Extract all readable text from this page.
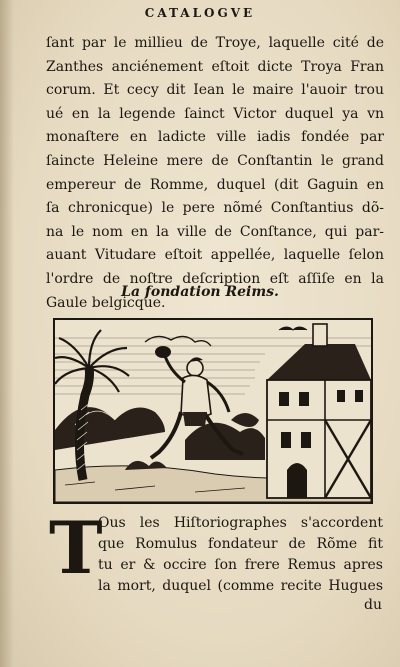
CATALOGVE
ſant par le millieu de Troye, laquelle cité de
Zanthes anciénement eſtoit dicte Troya Fran
corum. Et cecy dit Iean le maire l'auoir trou
ué en la legende ſainct Victor duquel ya vn
monaſtere en ladicte ville iadis fondée par
ſaincte Heleine mere de Conſtantin le grand
empereur de Romme, duquel (dit Gaguin en
ſa chronicque) le pere nõmé Conſtantius dõ-
na le nom en la ville de Conſtance, qui par-
auant Vitudare eſtoit appellée, laquelle ſelon
l'ordre de noſtre deſcription eſt aſſiſe en la
Gaule belgicque.
La fondation Reims.
T
Ous les Hiſtoriographes s'accordent
que Romulus fondateur de Rõme fit
tu er & occire ſon frere Remus apres
la mort, duquel (comme recite Hugues
du
